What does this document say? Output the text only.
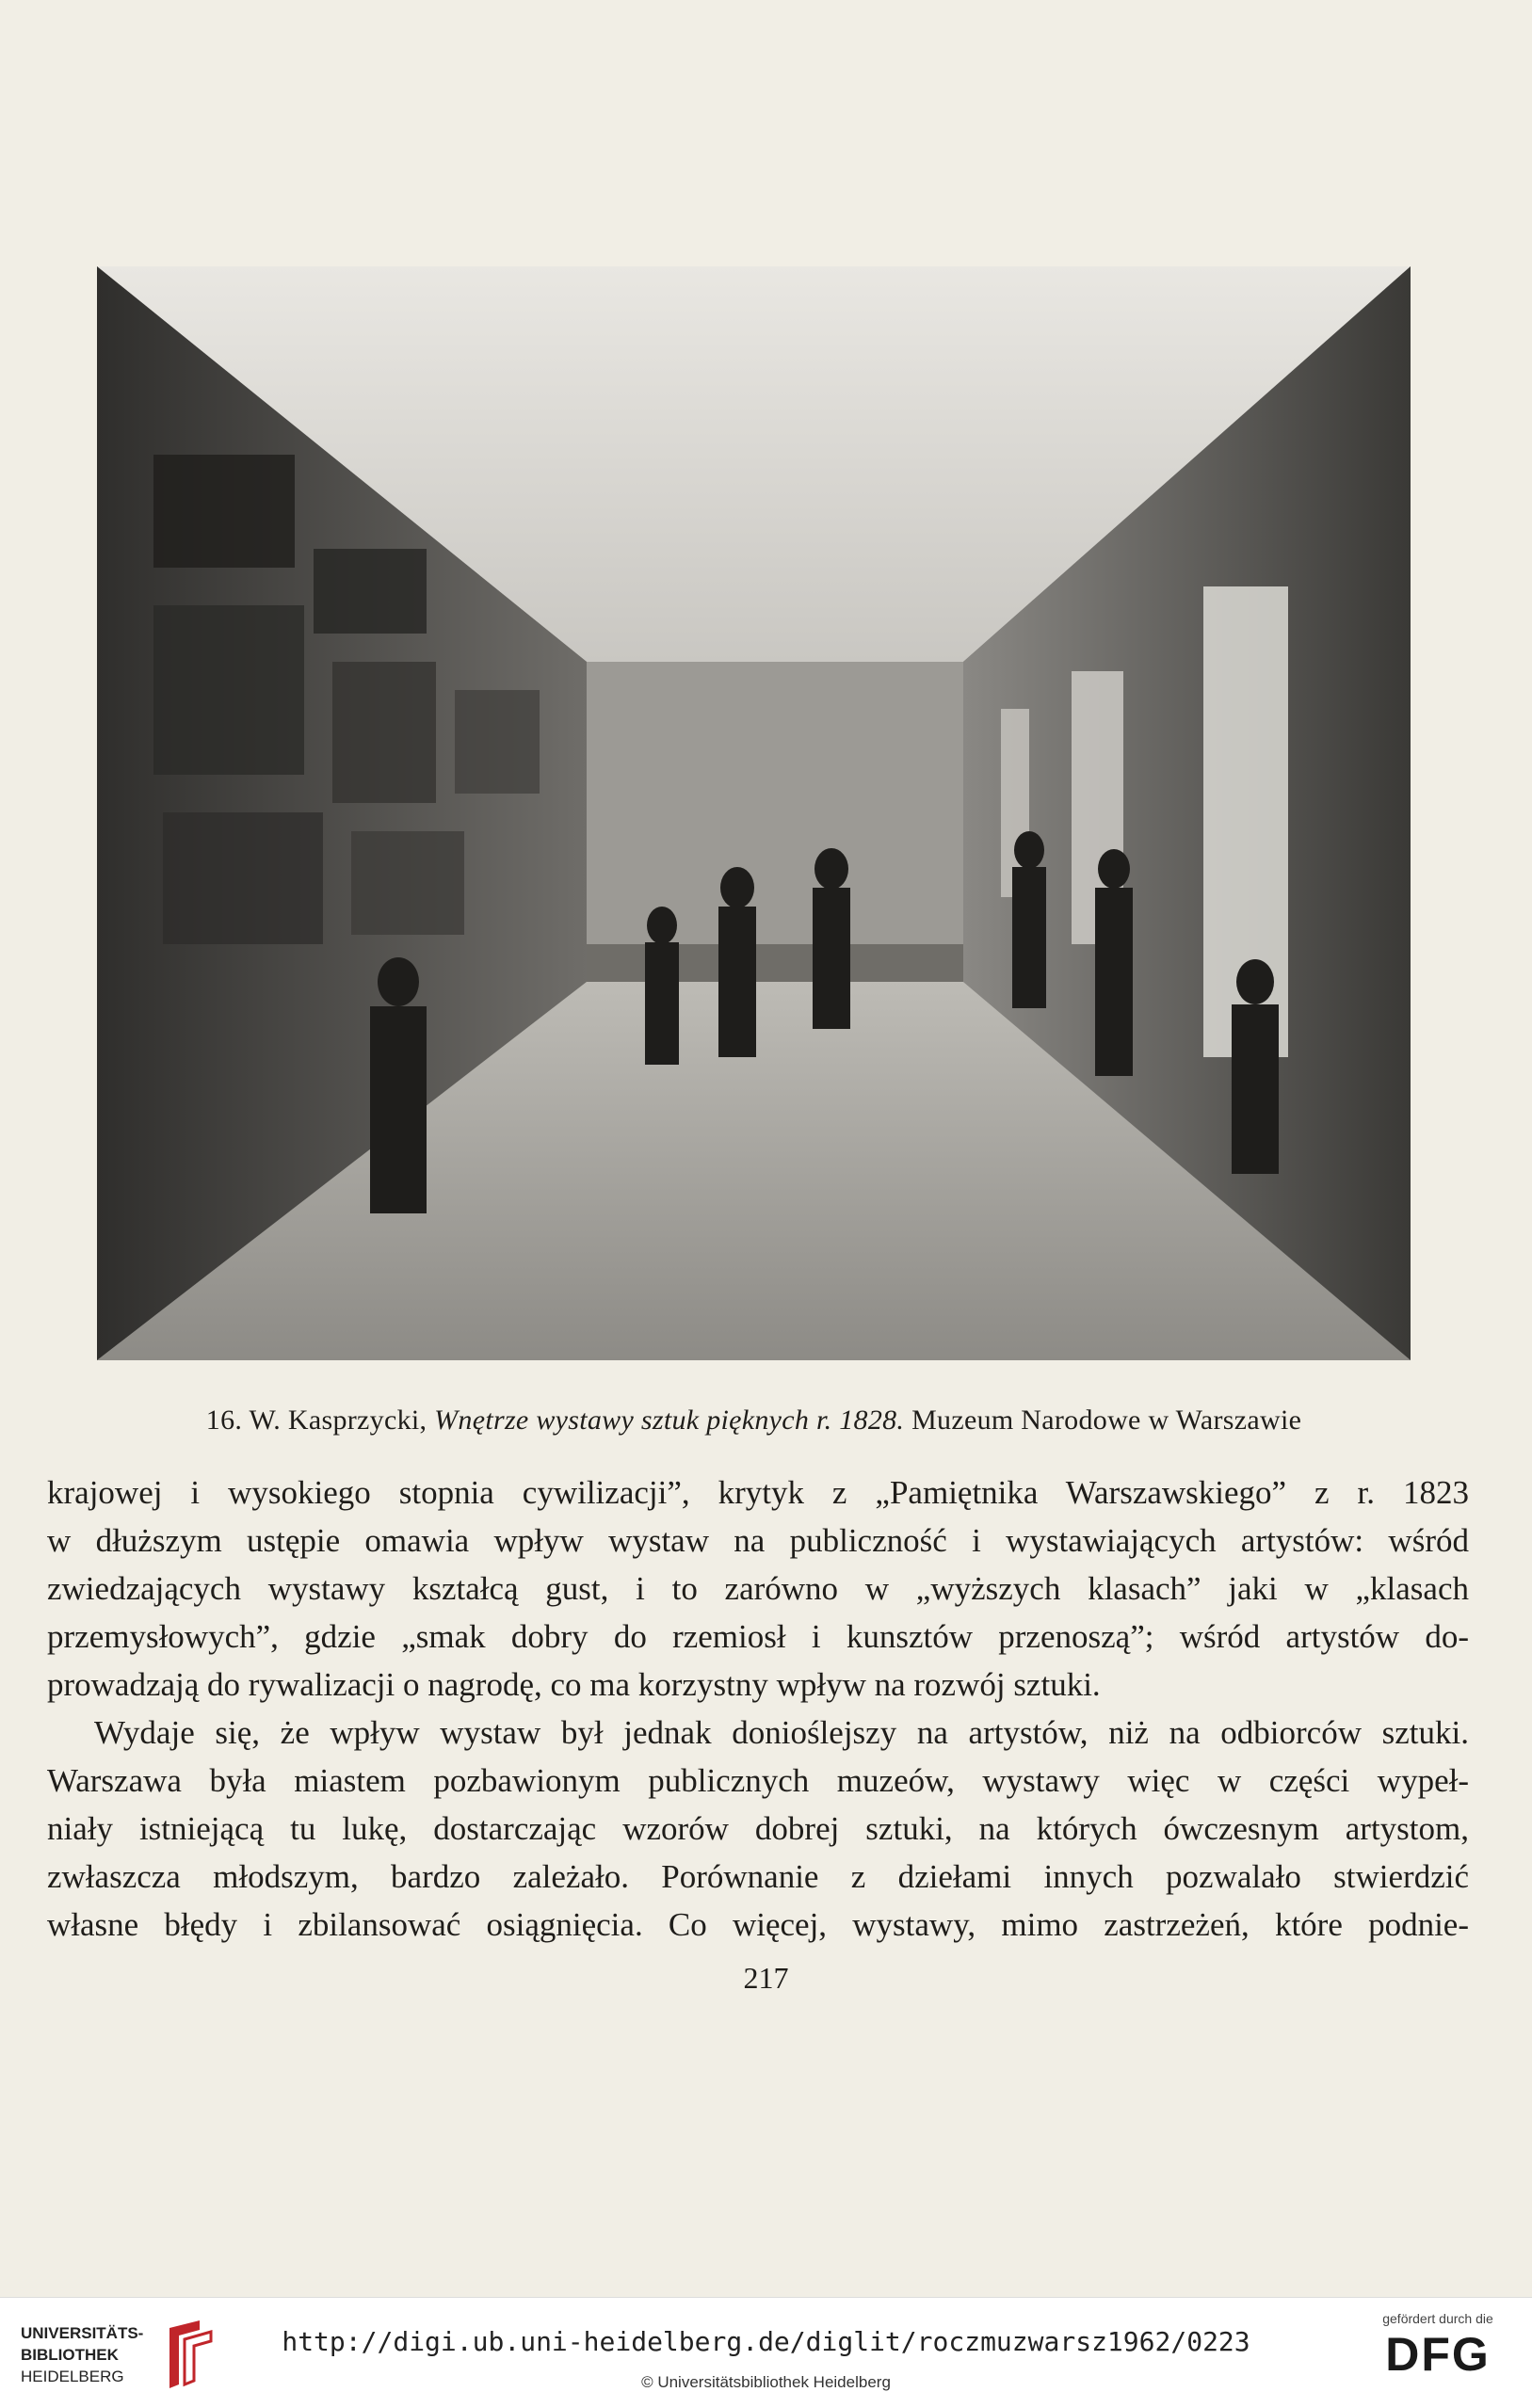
16. W. Kasprzycki, Wnętrze wystawy sztuk pięknych r. 1828. Muzeum Narodowe w Warszawie

krajowej i wysokiego stopnia cywilizacji”, krytyk z „Pamiętnika Warszawskiego” z r. 1823

w dłuższym ustępie omawia wpływ wystaw na publiczność i wystawiających artystów: wśród

zwiedzających wystawy kształcą gust, i to zarówno w „wyższych klasach” jaki w „klasach

przemysłowych”, gdzie „smak dobry do rzemiosł i kunsztów przenoszą”; wśród artystów do-

prowadzają do rywalizacji o nagrodę, co ma korzystny wpływ na rozwój sztuki.

Wydaje się, że wpływ wystaw był jednak donioślejszy na artystów, niż na odbiorców sztuki.

Warszawa była miastem pozbawionym publicznych muzeów, wystawy więc w części wypeł-

niały istniejącą tu lukę, dostarczając wzorów dobrej sztuki, na których ówczesnym artystom,

zwłaszcza młodszym, bardzo zależało. Porównanie z dziełami innych pozwalało stwierdzić

własne błędy i zbilansować osiągnięcia. Co więcej, wystawy, mimo zastrzeżeń, które podnie-

217
UNIVERSITÄTS-
BIBLIOTHEK
HEIDELBERG
http://digi.ub.uni-heidelberg.de/diglit/roczmuzwarsz1962/0223
© Universitätsbibliothek Heidelberg
gefördert durch die
DFG
